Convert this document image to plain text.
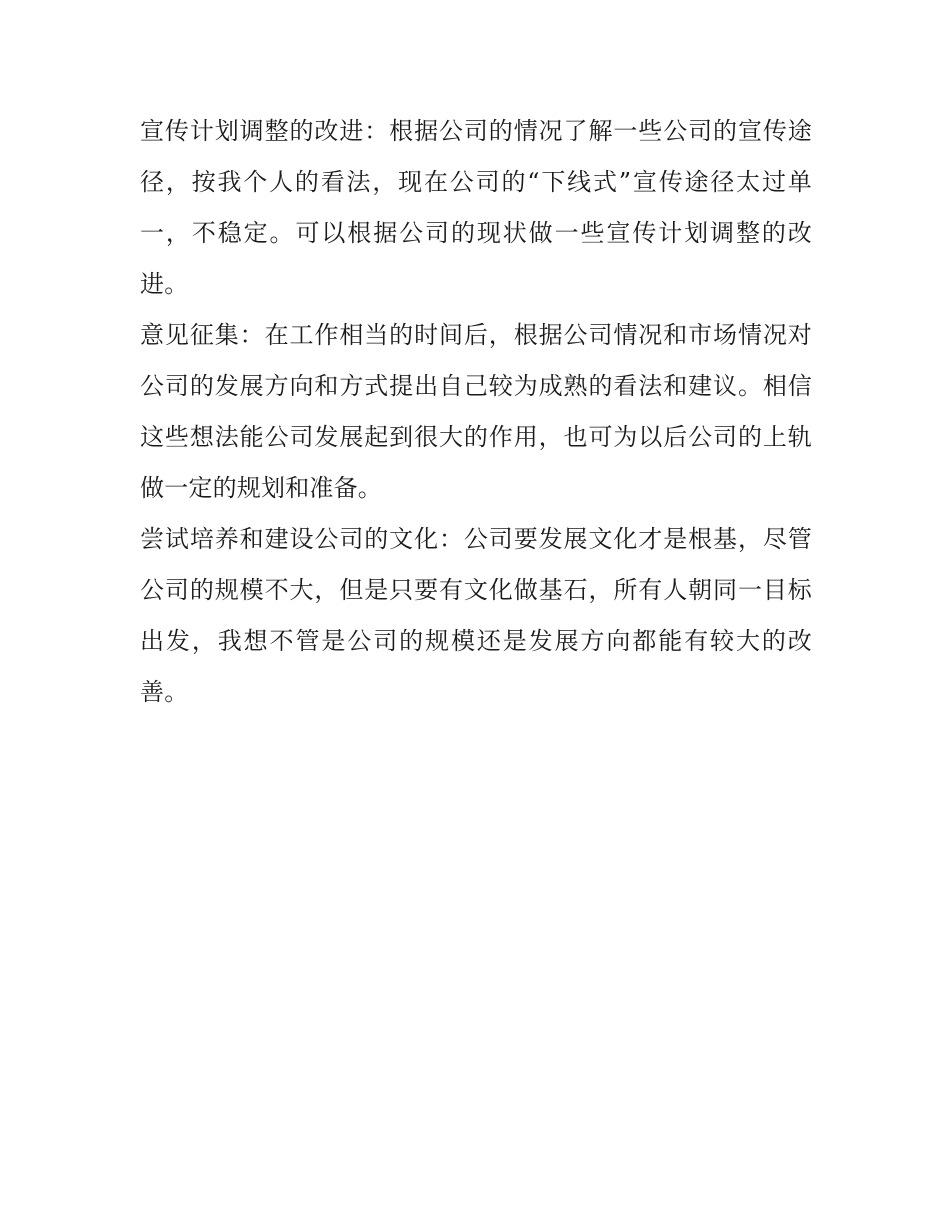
宣传计划调整的改进：根据公司的情况了解一些公司的宣传途径，按我个人的看法，现在公司的“下线式”宣传途径太过单一，不稳定。可以根据公司的现状做一些宣传计划调整的改进。

意见征集：在工作相当的时间后，根据公司情况和市场情况对公司的发展方向和方式提出自己较为成熟的看法和建议。相信这些想法能公司发展起到很大的作用，也可为以后公司的上轨做一定的规划和准备。

尝试培养和建设公司的文化：公司要发展文化才是根基，尽管公司的规模不大，但是只要有文化做基石，所有人朝同一目标出发，我想不管是公司的规模还是发展方向都能有较大的改善。
